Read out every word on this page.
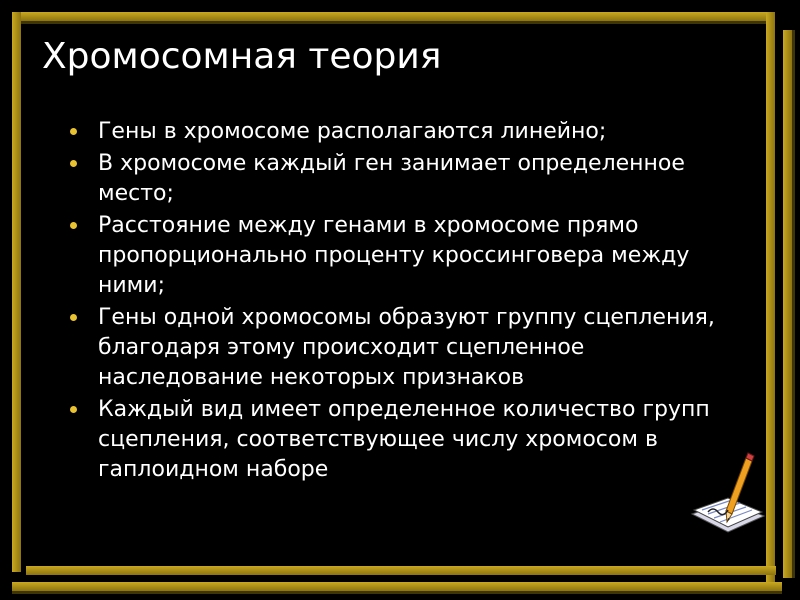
Хромосомная теория
Гены в хромосоме располагаются линейно;
В хромосоме каждый ген занимает определенное место;
Расстояние между генами в хромосоме прямо пропорционально проценту кроссинговера между ними;
Гены одной хромосомы образуют группу сцепления, благодаря этому происходит сцепленное наследование некоторых признаков
Каждый вид имеет определенное количество групп сцепления, соответствующее числу хромосом в гаплоидном наборе
